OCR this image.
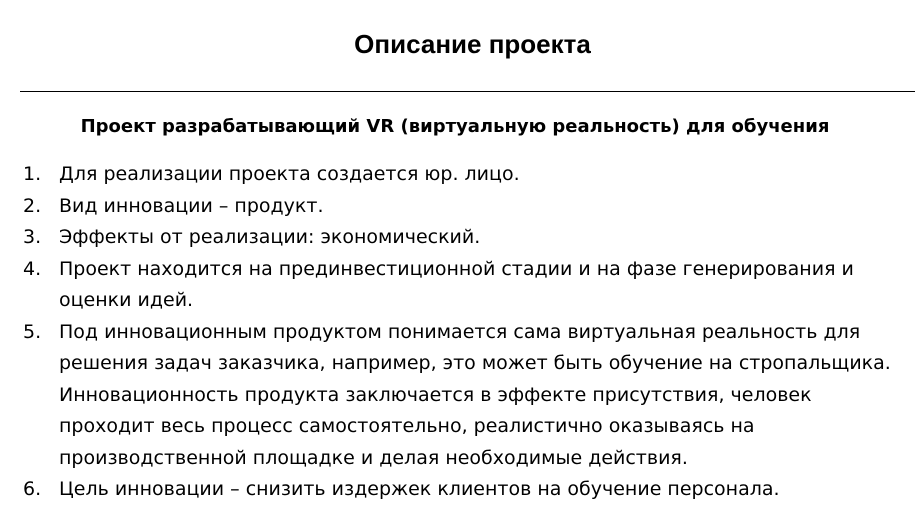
Описание проекта
Проект разрабатывающий VR (виртуальную реальность) для обучения
1. Для реализации проекта создается юр. лицо.
2. Вид инновации – продукт.
3. Эффекты от реализации: экономический.
4. Проект находится на прединвестиционной стадии и на фазе генерирования и оценки идей.
5. Под инновационным продуктом понимается сама виртуальная реальность для решения задач заказчика, например, это может быть обучение на стропальщика. Инновационность продукта заключается в эффекте присутствия, человек проходит весь процесс самостоятельно, реалистично оказываясь на производственной площадке и делая необходимые действия.
6. Цель инновации – снизить издержек клиентов на обучение персонала.
